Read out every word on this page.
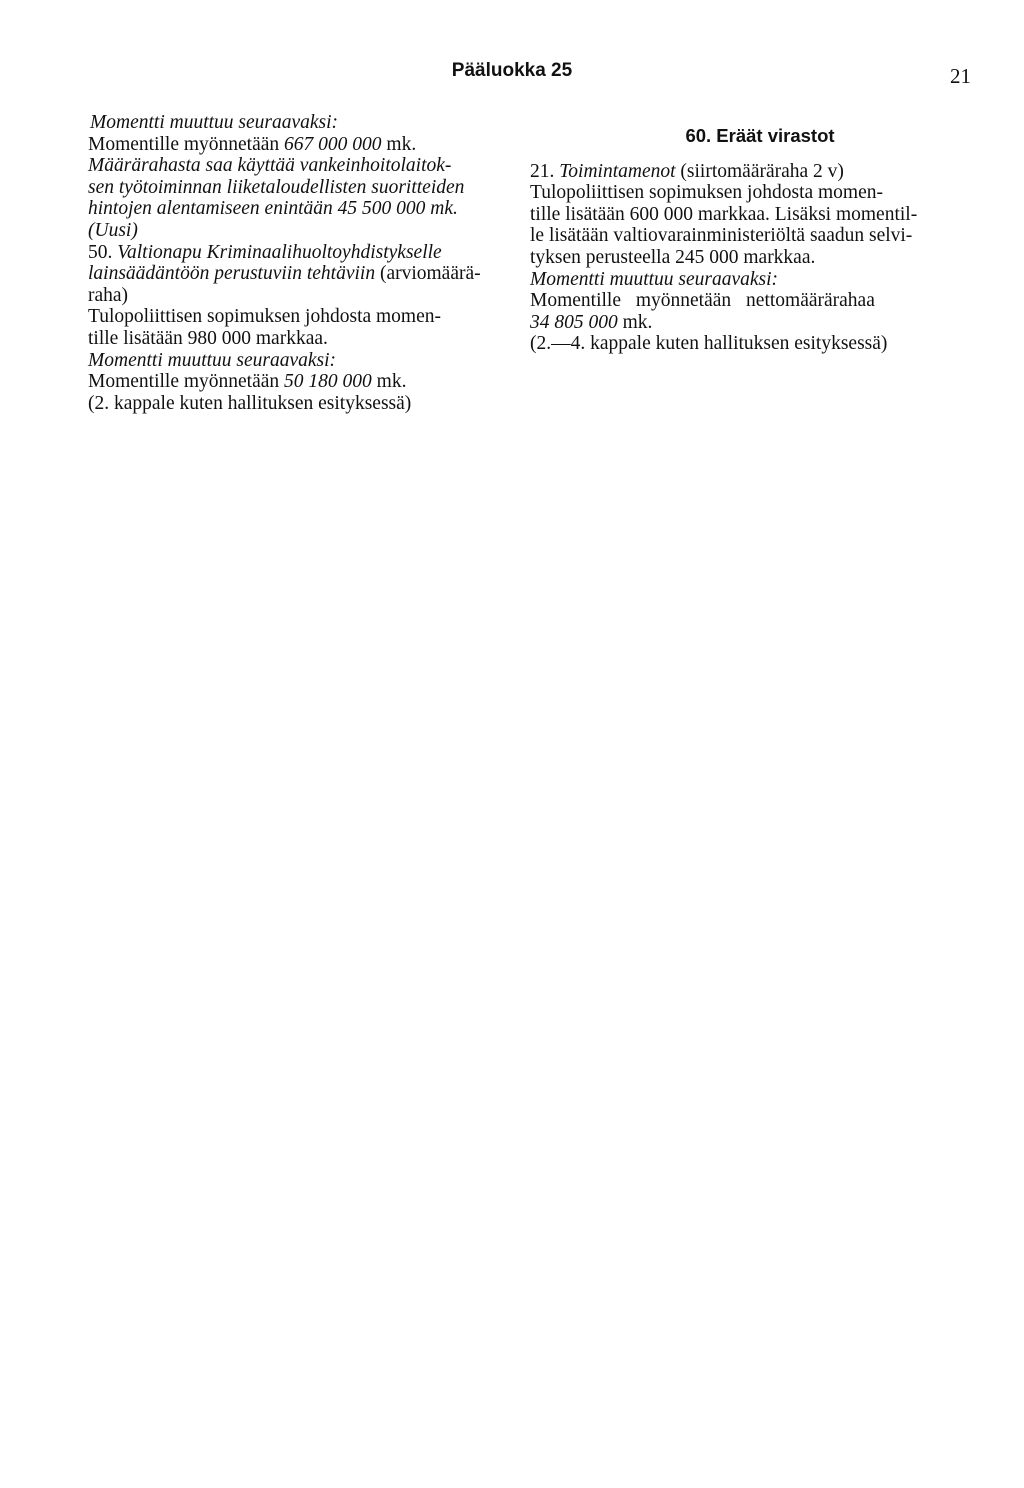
Pääluokka 25	21
Momentti muuttuu seuraavaksi:
Momentille myönnetään 667 000 000 mk.
Määrärahasta saa käyttää vankeinhoitolaitok-
sen työtoiminnan liiketaloudellisten suoritteiden
hintojen alentamiseen enintään 45 500 000 mk.
(Uusi)
50. Valtionapu Kriminaalihuoltoyhdistykselle
lainsäädäntöön perustuviin tehtäviin (arviomäärä-
raha)
Tulopoliittisen sopimuksen johdosta momen-
tille lisätään 980 000 markkaa.
Momentti muuttuu seuraavaksi:
Momentille myönnetään 50 180 000 mk.
(2. kappale kuten hallituksen esityksessä)
60. Eräät virastot
21. Toimintamenot (siirtomääräraha 2 v)
Tulopoliittisen sopimuksen johdosta momen-
tille lisätään 600 000 markkaa. Lisäksi momentil-
le lisätään valtiovarainministeriöltä saadun selvi-
tyksen perusteella 245 000 markkaa.
Momentti muuttuu seuraavaksi:
Momentille myönnetään nettomäärärahaa
34 805 000 mk.
(2.—4. kappale kuten hallituksen esityksessä)
